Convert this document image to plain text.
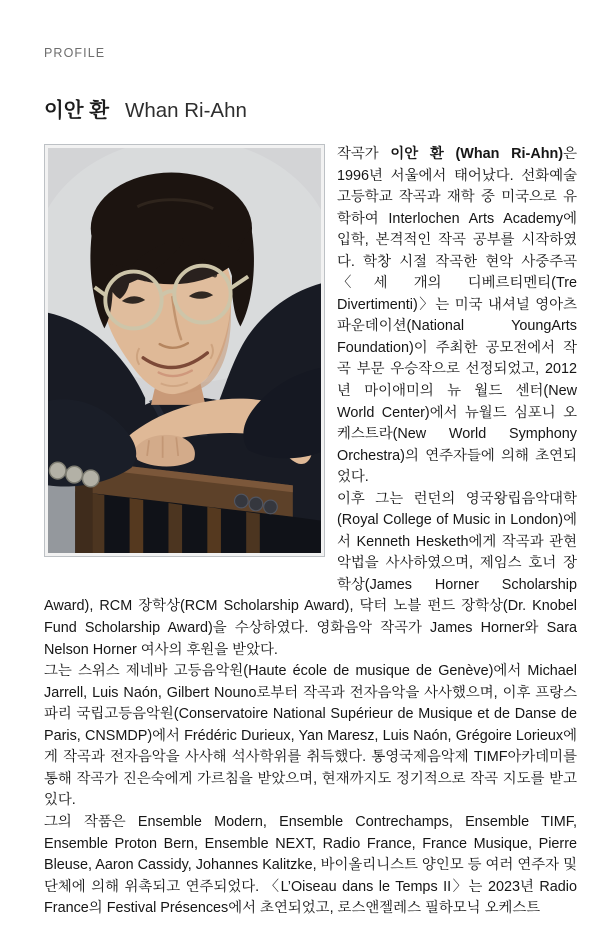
PROFILE
이안 환 Whan Ri-Ahn

작곡가 이안 환 (Whan Ri-Ahn)은 1996년 서울에서 태어났다. 선화예술고등학교 작곡과 재학 중 미국으로 유학하여 Interlochen Arts Academy에 입학, 본격적인 작곡 공부를 시작하였다. 학창 시절 작곡한 현악 사중주곡 〈세 개의 디베르티멘티(Tre Divertimenti)〉는 미국 내셔널 영아츠 파운데이션(National YoungArts Foundation)이 주최한 공모전에서 작곡 부문 우승작으로 선정되었고, 2012년 마이애미의 뉴 월드 센터(New World Center)에서 뉴월드 심포니 오케스트라(New World Symphony Orchestra)의 연주자들에 의해 초연되었다.

이후 그는 런던의 영국왕립음악대학(Royal College of Music in London)에서 Kenneth Hesketh에게 작곡과 관현악법을 사사하였으며, 제임스 호너 장학상(James Horner Scholarship Award), RCM 장학상(RCM Scholarship Award), 닥터 노블 펀드 장학상(Dr. Knobel Fund Scholarship Award)을 수상하였다. 영화음악 작곡가 James Horner와 Sara Nelson Horner 여사의 후원을 받았다.

그는 스위스 제네바 고등음악원(Haute école de musique de Genève)에서 Michael Jarrell, Luis Naón, Gilbert Nouno로부터 작곡과 전자음악을 사사했으며, 이후 프랑스 파리 국립고등음악원(Conservatoire National Supérieur de Musique et de Danse de Paris, CNSMDP)에서 Frédéric Durieux, Yan Maresz, Luis Naón, Grégoire Lorieux에게 작곡과 전자음악을 사사해 석사학위를 취득했다. 통영국제음악제 TIMF아카데미를 통해 작곡가 진은숙에게 가르침을 받았으며, 현재까지도 정기적으로 작곡 지도를 받고 있다.

그의 작품은 Ensemble Modern, Ensemble Contrechamps, Ensemble TIMF, Ensemble Proton Bern, Ensemble NEXT, Radio France, France Musique, Pierre Bleuse, Aaron Cassidy, Johannes Kalitzke, 바이올리니스트 양인모 등 여러 연주자 및 단체에 의해 위촉되고 연주되었다. 〈L’Oiseau dans le Temps II〉는 2023년 Radio France의 Festival Présences에서 초연되었고, 로스앤젤레스 필하모닉 오케스트
